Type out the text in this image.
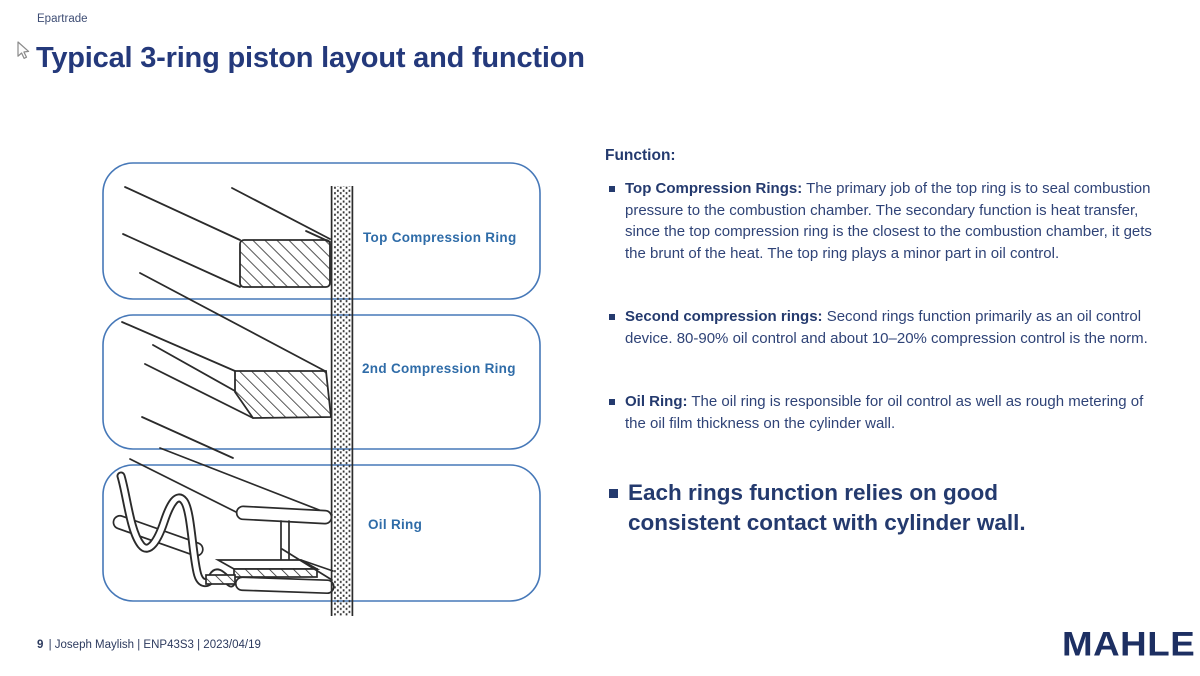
Epartrade
Typical 3-ring piston layout and function
Top Compression Ring
2nd Compression Ring
Oil Ring
Function:
Top Compression Rings: The primary job of the top ring is to seal combustion pressure to the combustion chamber. The secondary function is heat transfer, since the top compression ring is the closest to the combustion chamber, it gets the brunt of the heat. The top ring plays a minor part in oil control.
Second compression rings: Second rings function primarily as an oil control device. 80-90% oil control and about 10–20% compression control is the norm.
Oil Ring: The oil ring is responsible for oil control as well as rough metering of the oil film thickness on the cylinder wall.
Each rings function relies on good
consistent contact with cylinder wall.
9 | Joseph Maylish | ENP43S3 | 2023/04/19	MAHLE
